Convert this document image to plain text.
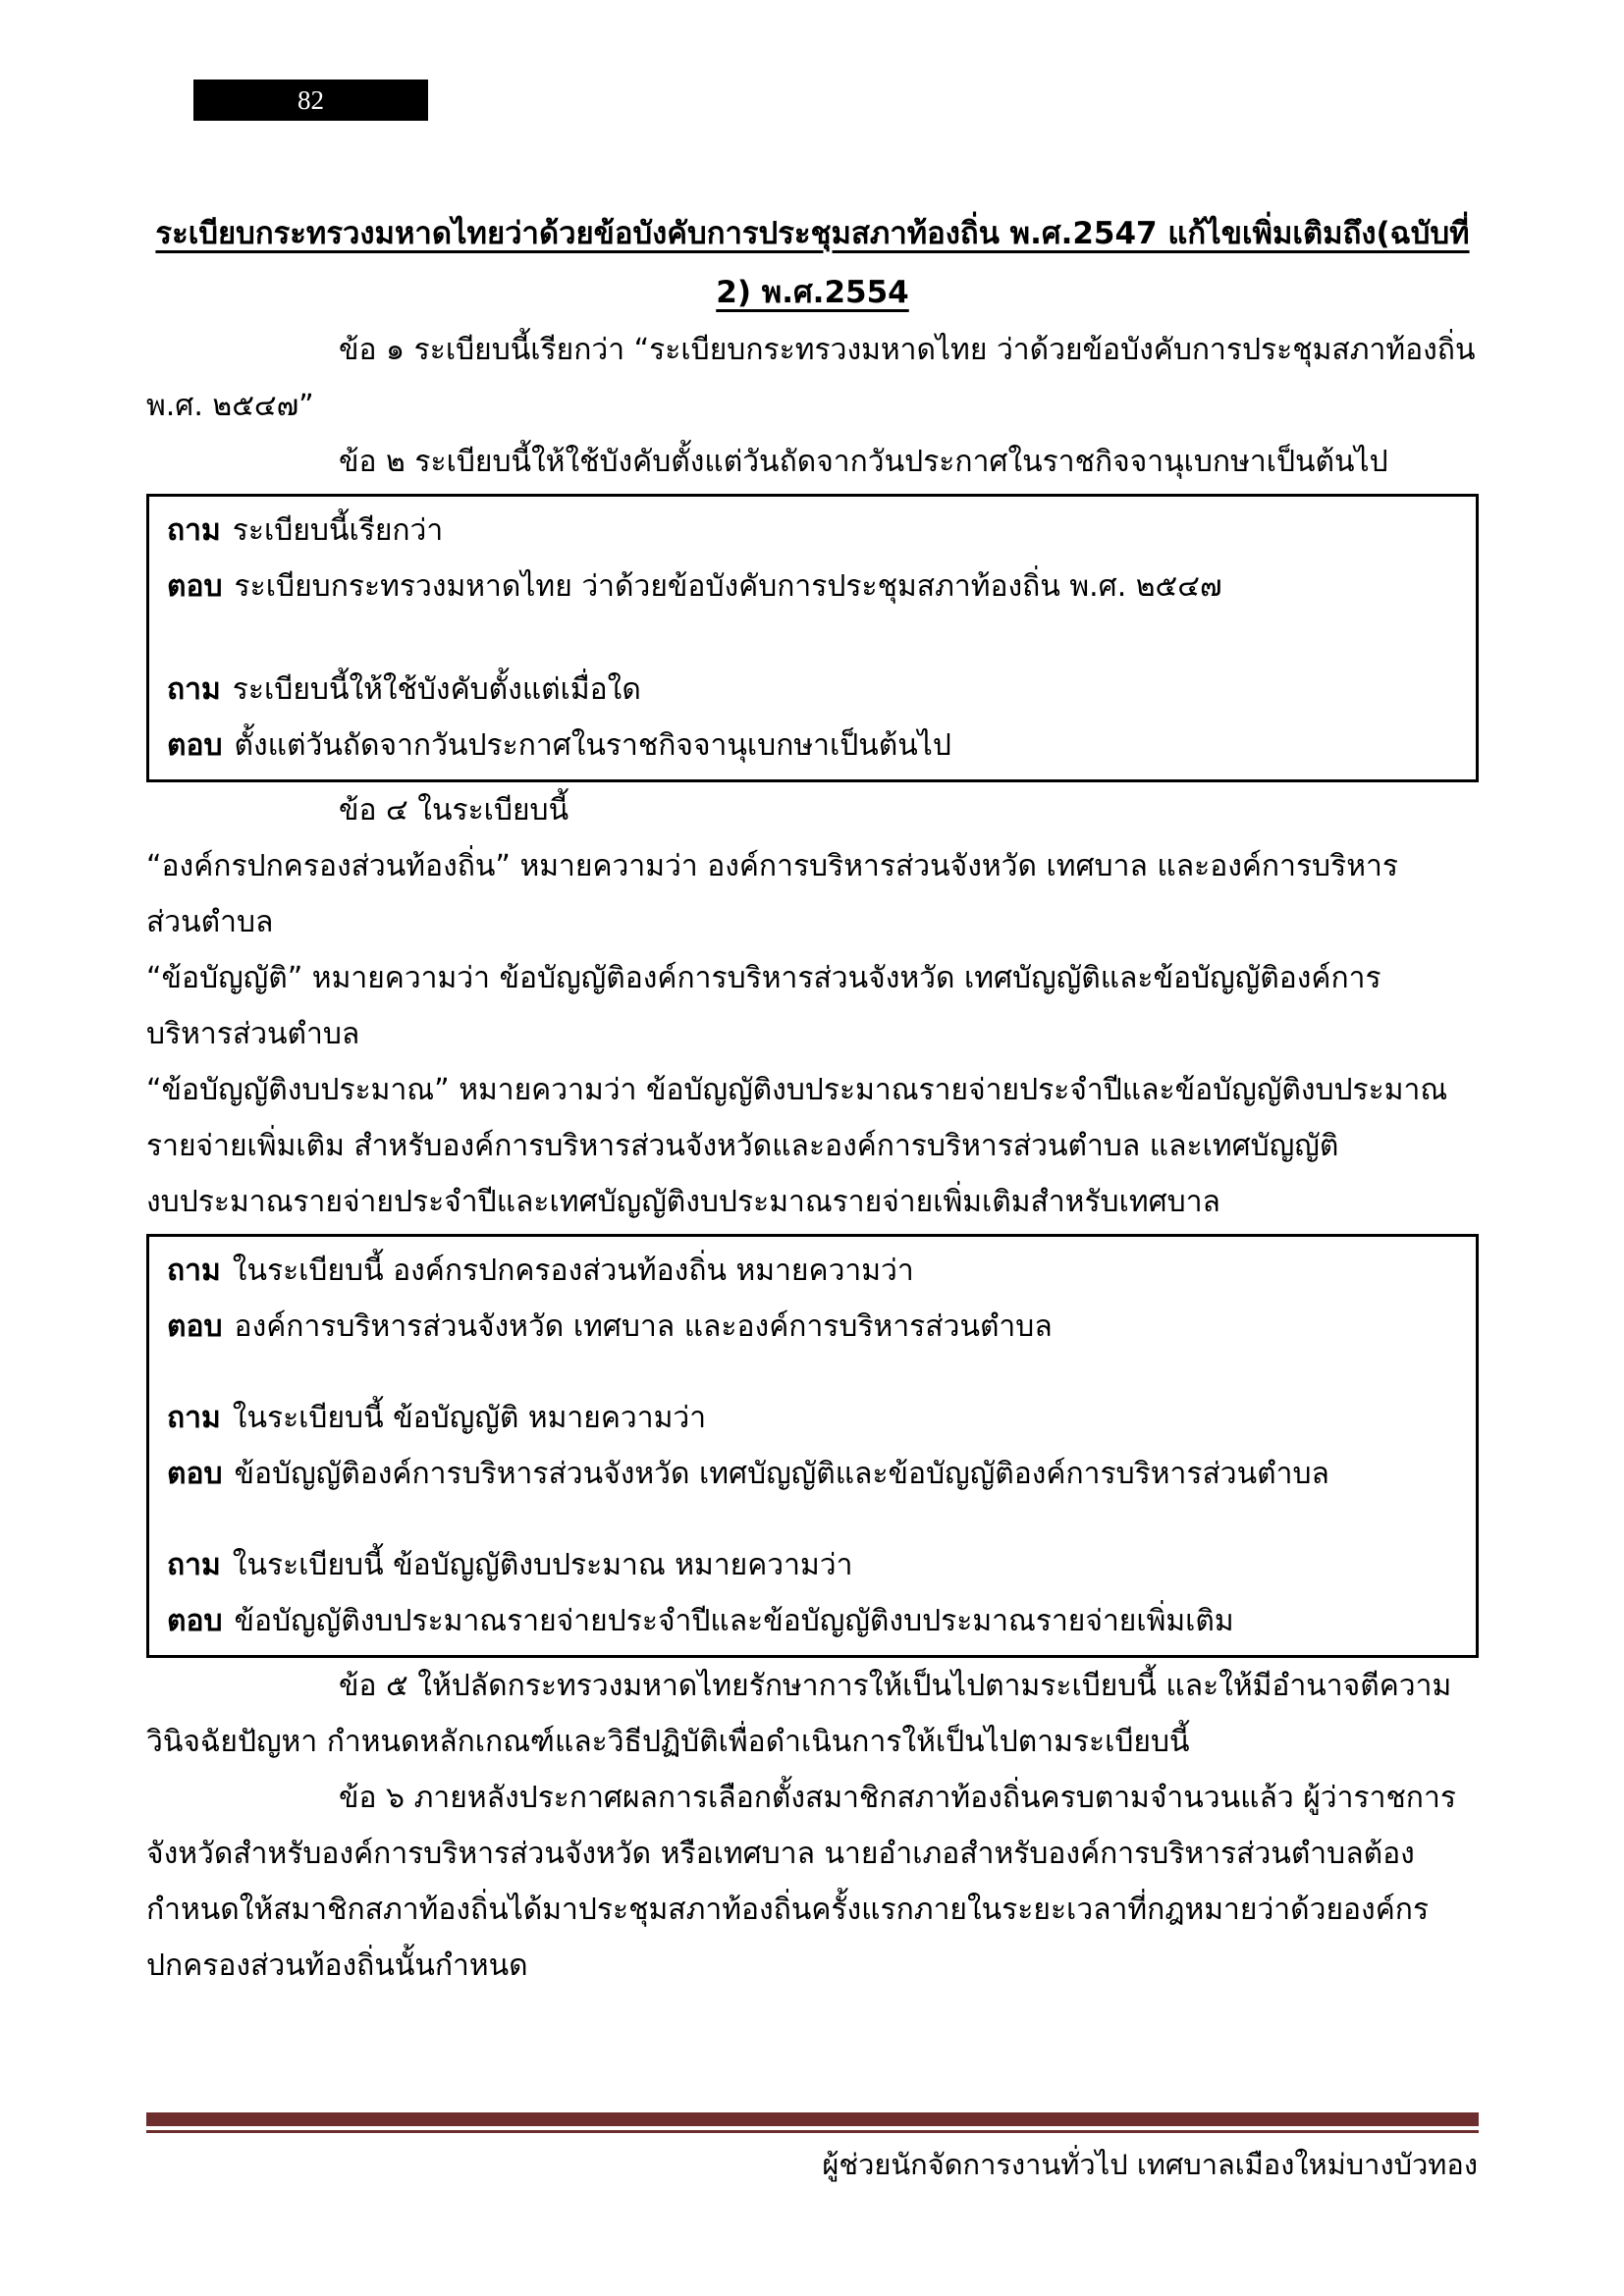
82
ระเบียบกระทรวงมหาดไทยว่าด้วยข้อบังคับการประชุมสภาท้องถิ่น พ.ศ.2547 แก้ไขเพิ่มเติมถึง(ฉบับที่
2) พ.ศ.2554
ข้อ ๑ ระเบียบนี้เรียกว่า “ระเบียบกระทรวงมหาดไทย ว่าด้วยข้อบังคับการประชุมสภาท้องถิ่น
พ.ศ. ๒๕๔๗”
ข้อ ๒ ระเบียบนี้ให้ใช้บังคับตั้งแต่วันถัดจากวันประกาศในราชกิจจานุเบกษาเป็นต้นไป
ถาม ระเบียบนี้เรียกว่า
ตอบ ระเบียบกระทรวงมหาดไทย ว่าด้วยข้อบังคับการประชุมสภาท้องถิ่น พ.ศ. ๒๕๔๗
ถาม ระเบียบนี้ให้ใช้บังคับตั้งแต่เมื่อใด
ตอบ ตั้งแต่วันถัดจากวันประกาศในราชกิจจานุเบกษาเป็นต้นไป
ข้อ ๔ ในระเบียบนี้
“องค์กรปกครองส่วนท้องถิ่น” หมายความว่า องค์การบริหารส่วนจังหวัด เทศบาล และองค์การบริหาร
ส่วนตำบล
“ข้อบัญญัติ” หมายความว่า ข้อบัญญัติองค์การบริหารส่วนจังหวัด เทศบัญญัติและข้อบัญญัติองค์การ
บริหารส่วนตำบล
“ข้อบัญญัติงบประมาณ” หมายความว่า ข้อบัญญัติงบประมาณรายจ่ายประจำปีและข้อบัญญัติงบประมาณ
รายจ่ายเพิ่มเติม สำหรับองค์การบริหารส่วนจังหวัดและองค์การบริหารส่วนตำบล และเทศบัญญัติ
งบประมาณรายจ่ายประจำปีและเทศบัญญัติงบประมาณรายจ่ายเพิ่มเติมสำหรับเทศบาล
ถาม ในระเบียบนี้ องค์กรปกครองส่วนท้องถิ่น หมายความว่า
ตอบ องค์การบริหารส่วนจังหวัด เทศบาล และองค์การบริหารส่วนตำบล
ถาม ในระเบียบนี้ ข้อบัญญัติ หมายความว่า
ตอบ ข้อบัญญัติองค์การบริหารส่วนจังหวัด เทศบัญญัติและข้อบัญญัติองค์การบริหารส่วนตำบล
ถาม ในระเบียบนี้ ข้อบัญญัติงบประมาณ หมายความว่า
ตอบ ข้อบัญญัติงบประมาณรายจ่ายประจำปีและข้อบัญญัติงบประมาณรายจ่ายเพิ่มเติม
ข้อ ๕ ให้ปลัดกระทรวงมหาดไทยรักษาการให้เป็นไปตามระเบียบนี้ และให้มีอำนาจตีความ
วินิจฉัยปัญหา กำหนดหลักเกณฑ์และวิธีปฏิบัติเพื่อดำเนินการให้เป็นไปตามระเบียบนี้
ข้อ ๖ ภายหลังประกาศผลการเลือกตั้งสมาชิกสภาท้องถิ่นครบตามจำนวนแล้ว ผู้ว่าราชการ
จังหวัดสำหรับองค์การบริหารส่วนจังหวัด หรือเทศบาล นายอำเภอสำหรับองค์การบริหารส่วนตำบลต้อง
กำหนดให้สมาชิกสภาท้องถิ่นได้มาประชุมสภาท้องถิ่นครั้งแรกภายในระยะเวลาที่กฎหมายว่าด้วยองค์กร
ปกครองส่วนท้องถิ่นนั้นกำหนด
ผู้ช่วยนักจัดการงานทั่วไป เทศบาลเมืองใหม่บางบัวทอง
